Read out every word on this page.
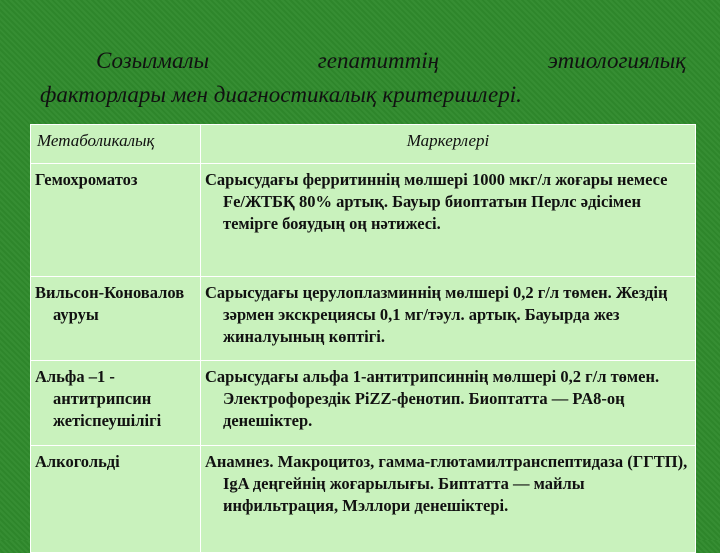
Созылмалы гепатиттің этиологиялық
факторлары мен диагностикалық критериилері.
Метаболикалық	Маркерлері
Гемохроматоз	Сарысудағы ферритиннің мөлшері 1000 мкг/л жоғары немесе Fe/ЖТБҚ 80% артық. Бауыр биоптатын Перлс әдісімен темірге бояудың оң нәтижесі.
Вильсон-Коновалов ауруы	Сарысудағы церулоплазминнің мөлшері 0,2 г/л төмен. Жездің зәрмен экскрециясы 0,1 мг/тәул. артық. Бауырда жез жиналуының көптігі.
Альфа –1 - антитрипсин жетіспеушілігі	Сарысудағы альфа 1-антитрипсиннің мөлшері 0,2 г/л төмен. Электрофорездік PiZZ-фенотип. Биоптатта — PA8-оң денешіктер.
Алкогольді	Анамнез. Макроцитоз, гамма-глютамилтранспептидаза (ГГТП), IgA деңгейнің жоғарылығы. Биптатта — майлы инфильтрация, Мэллори денешіктері.
